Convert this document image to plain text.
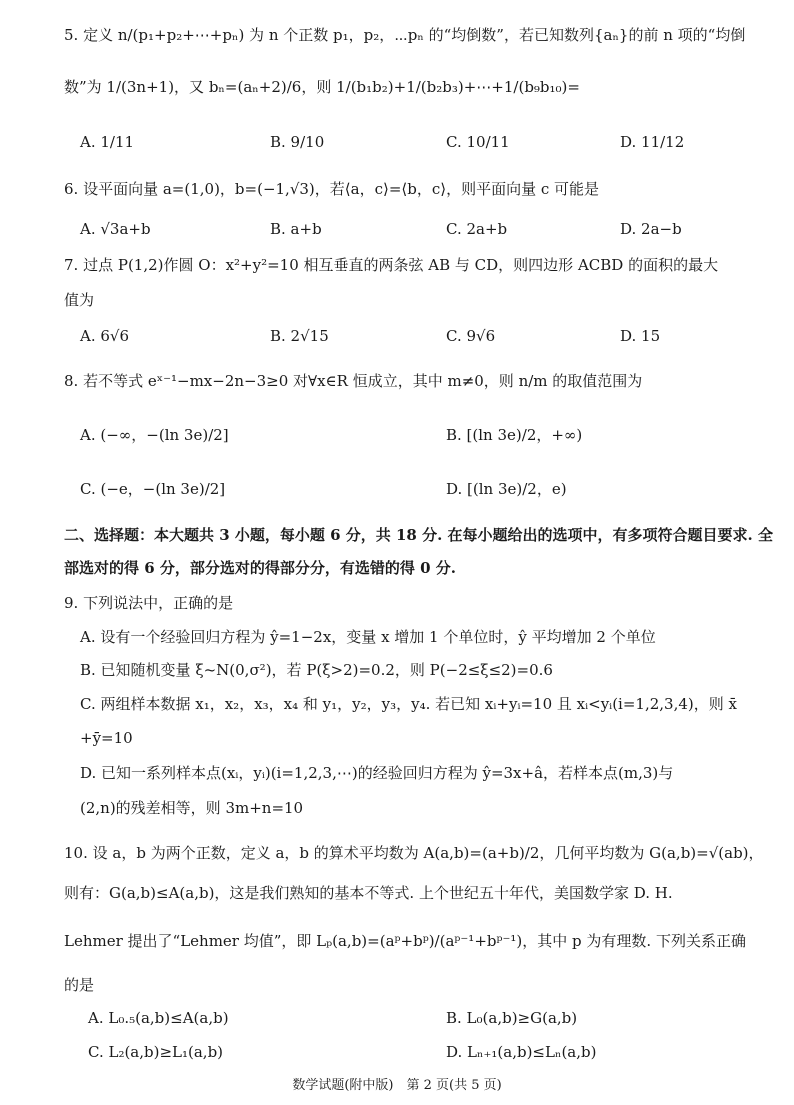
5. 定义 n/(p₁+p₂+⋯+pₙ) 为 n 个正数 p₁，p₂，⋯pₙ 的“均倒数”，若已知数列{aₙ}的前 n 项的“均倒
数”为 1/(3n+1)，又 bₙ=(aₙ+2)/6，则 1/(b₁b₂)+1/(b₂b₃)+⋯+1/(b₉b₁₀)=
A. 1/11	B. 9/10	C. 10/11	D. 11/12
6. 设平面向量 a=(1,0)，b=(−1,√3)，若⟨a，c⟩=⟨b，c⟩，则平面向量 c 可能是
A. √3a+b	B. a+b	C. 2a+b	D. 2a−b
7. 过点 P(1,2)作圆 O：x²+y²=10 相互垂直的两条弦 AB 与 CD，则四边形 ACBD 的面积的最大
值为
A. 6√6	B. 2√15	C. 9√6	D. 15
8. 若不等式 eˣ⁻¹−mx−2n−3≥0 对∀x∈R 恒成立，其中 m≠0，则 n/m 的取值范围为
A. (−∞，−(ln 3e)/2]	B. [(ln 3e)/2，+∞)
C. (−e，−(ln 3e)/2]	D. [(ln 3e)/2，e)
二、选择题：本大题共 3 小题，每小题 6 分，共 18 分. 在每小题给出的选项中，有多项符合题目要求. 全
部选对的得 6 分，部分选对的得部分分，有选错的得 0 分.
9. 下列说法中，正确的是
A. 设有一个经验回归方程为 ŷ=1−2x，变量 x 增加 1 个单位时，ŷ 平均增加 2 个单位
B. 已知随机变量 ξ~N(0,σ²)，若 P(ξ>2)=0.2，则 P(−2≤ξ≤2)=0.6
C. 两组样本数据 x₁，x₂，x₃，x₄ 和 y₁，y₂，y₃，y₄. 若已知 xᵢ+yᵢ=10 且 xᵢ<yᵢ(i=1,2,3,4)，则 x̄
+ȳ=10
D. 已知一系列样本点(xᵢ，yᵢ)(i=1,2,3,⋯)的经验回归方程为 ŷ=3x+â，若样本点(m,3)与
(2,n)的残差相等，则 3m+n=10
10. 设 a，b 为两个正数，定义 a，b 的算术平均数为 A(a,b)=(a+b)/2，几何平均数为 G(a,b)=√(ab)，
则有：G(a,b)≤A(a,b)，这是我们熟知的基本不等式. 上个世纪五十年代，美国数学家 D. H.
Lehmer 提出了“Lehmer 均值”，即 Lₚ(a,b)=(aᵖ+bᵖ)/(aᵖ⁻¹+bᵖ⁻¹)，其中 p 为有理数. 下列关系正确
的是
A. L₀.₅(a,b)≤A(a,b)	B. L₀(a,b)≥G(a,b)
C. L₂(a,b)≥L₁(a,b)	D. Lₙ₊₁(a,b)≤Lₙ(a,b)
数学试题(附中版)　第 2 页(共 5 页)
